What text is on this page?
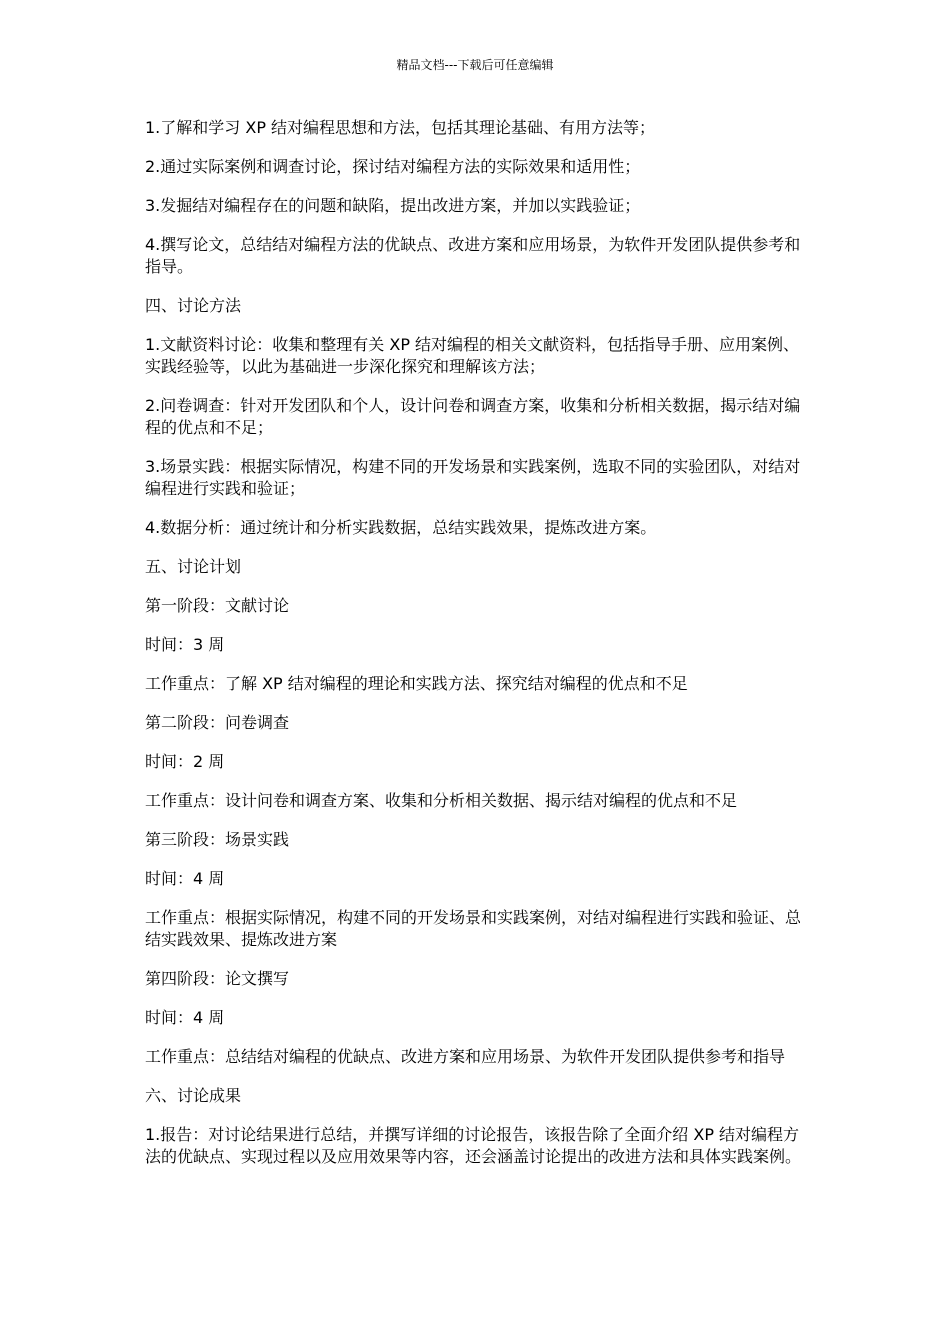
精品文档---下载后可任意编辑

1.了解和学习 XP 结对编程思想和方法，包括其理论基础、有用方法等；

2.通过实际案例和调查讨论，探讨结对编程方法的实际效果和适用性；

3.发掘结对编程存在的问题和缺陷，提出改进方案，并加以实践验证；

4.撰写论文，总结结对编程方法的优缺点、改进方案和应用场景，为软件开发团队提供参考和指导。

四、讨论方法

1.文献资料讨论：收集和整理有关 XP 结对编程的相关文献资料，包括指导手册、应用案例、实践经验等，以此为基础进一步深化探究和理解该方法；

2.问卷调查：针对开发团队和个人，设计问卷和调查方案，收集和分析相关数据，揭示结对编程的优点和不足；

3.场景实践：根据实际情况，构建不同的开发场景和实践案例，选取不同的实验团队，对结对编程进行实践和验证；

4.数据分析：通过统计和分析实践数据，总结实践效果，提炼改进方案。

五、讨论计划

第一阶段：文献讨论

时间：3 周

工作重点：了解 XP 结对编程的理论和实践方法、探究结对编程的优点和不足

第二阶段：问卷调查

时间：2 周

工作重点：设计问卷和调查方案、收集和分析相关数据、揭示结对编程的优点和不足

第三阶段：场景实践

时间：4 周

工作重点：根据实际情况，构建不同的开发场景和实践案例，对结对编程进行实践和验证、总结实践效果、提炼改进方案

第四阶段：论文撰写

时间：4 周

工作重点：总结结对编程的优缺点、改进方案和应用场景、为软件开发团队提供参考和指导

六、讨论成果

1.报告：对讨论结果进行总结，并撰写详细的讨论报告，该报告除了全面介绍 XP 结对编程方法的优缺点、实现过程以及应用效果等内容，还会涵盖讨论提出的改进方法和具体实践案例。
